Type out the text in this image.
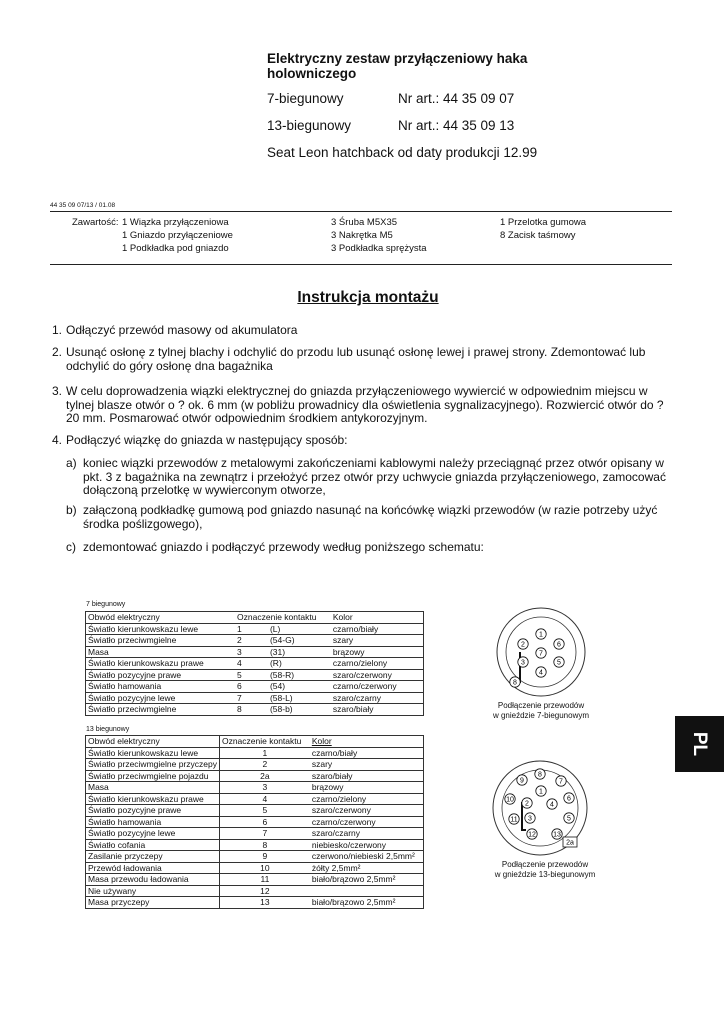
Elektryczny zestaw przyłączeniowy haka holowniczego
7-biegunowy	Nr art.: 44 35 09 07
13-biegunowy	Nr art.: 44 35 09 13
Seat Leon hatchback od daty produkcji 12.99
44 35 09 07/13 / 01.08
Zawartość: 1 Wiązka przyłączeniowa
1 Gniazdo przyłączeniowe
1 Podkładka pod gniazdo
3 Śruba M5X35
3 Nakrętka M5
3 Podkładka sprężysta
1 Przelotka gumowa
8 Zacisk taśmowy
Instrukcja montażu
1. Odłączyć przewód masowy od akumulatora
2. Usunąć osłonę z tylnej blachy i odchylić do przodu lub usunąć osłonę lewej i prawej strony. Zdemontować lub odchylić do góry osłonę dna bagażnika
3. W celu doprowadzenia wiązki elektrycznej do gniazda przyłączeniowego wywiercić w odpowiednim miejscu w tylnej blasze otwór o ? ok. 6 mm (w pobliżu prowadnicy dla oświetlenia sygnalizacyjnego). Rozwiercić otwór do ? 20 mm. Posmarować otwór odpowiednim środkiem antykorozyjnym.
4. Podłączyć wiązkę do gniazda w następujący sposób:
a) koniec wiązki przewodów z metalowymi zakończeniami kablowymi należy przeciągnąć przez otwór opisany w pkt. 3 z bagażnika na zewnątrz i przełożyć przez otwór przy uchwycie gniazda przyłączeniowego, zamocować dołączoną przelotkę w wywierconym otworze,
b) załączoną podkładkę gumową pod gniazdo nasunąć na końcówkę wiązki przewodów (w razie potrzeby użyć środka poślizgowego),
c) zdemontować gniazdo i podłączyć przewody według poniższego schematu:
7 biegunowy
Obwód elektryczny	Oznaczenie kontaktu		Kolor
Światło kierunkowskazu lewe	1	(L)	czarno/biały
Światło przeciwmgielne	2	(54-G)	szary
Masa	3	(31)	brązowy
Światło kierunkowskazu prawe	4	(R)	czarno/zielony
Światło pozycyjne prawe	5	(58-R)	szaro/czerwony
Światło hamowania	6	(54)	czarno/czerwony
Światło pozycyjne lewe	7	(58-L)	szaro/czarny
Światło przeciwmgielne	8	(58-b)	szaro/biały
13 biegunowy
Obwód elektryczny	Oznaczenie kontaktu	Kolor
Światło kierunkowskazu lewe	1	czarno/biały
Światło przeciwmgielne przyczepy	2	szary
Światło przeciwmgielne pojazdu	2a	szaro/biały
Masa	3	brązowy
Światło kierunkowskazu prawe	4	czarno/zielony
Światło pozycyjne prawe	5	szaro/czerwony
Światło hamowania	6	czarno/czerwony
Światło pozycyjne lewe	7	szaro/czarny
Światło cofania	8	niebiesko/czerwony
Zasilanie przyczepy	9	czerwono/niebieski 2,5mm²
Przewód ładowania	10	żółty 2,5mm²
Masa przewodu ładowania	11	biało/brązowo 2,5mm²
Nie używany	12	
Masa przyczepy	13	biało/brązowo 2,5mm²
1
2
3
4
5
6
7
8
Podłączenie przewodów
w gnieździe 7-biegunowym
1
2
3
4
5
6
7
8
9
10
11
12 13
2a
Podłączenie przewodów
w gnieździe 13-biegunowym
PL
